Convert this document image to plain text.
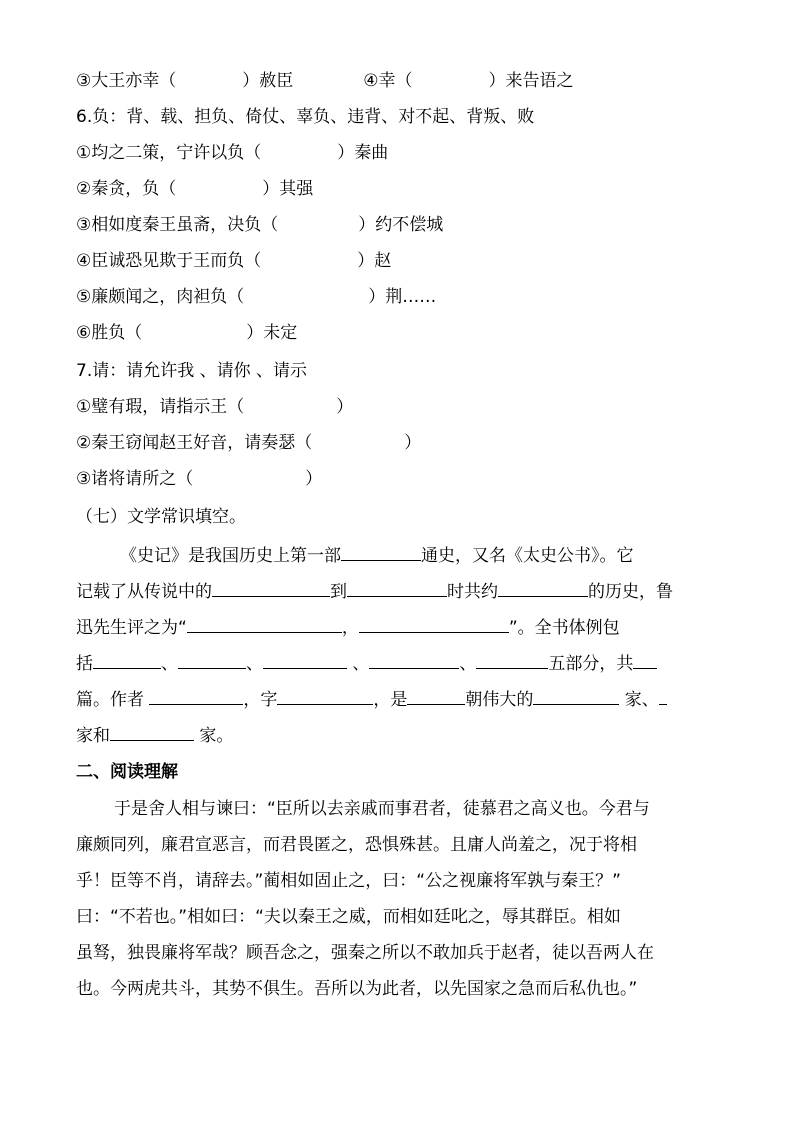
③大王亦幸（	）赦臣	④幸（	）来告语之
6.负：背、载、担负、倚仗、辜负、违背、对不起、背叛、败
①均之二策，宁许以负（	）秦曲
②秦贪，负（	）其强
③相如度秦王虽斋，决负（	）约不偿城
④臣诚恐见欺于王而负（	）赵
⑤廉颇闻之，肉袒负（	）荆……
⑥胜负（	）未定
7.请：请允许我 、请你 、请示
①璧有瑕，请指示王（	）
②秦王窃闻赵王好音，请奏瑟（	）
③诸将请所之（	）
（七）文学常识填空。
《史记》是我国历史上第一部	通史，又名《太史公书》。它
记载了从传说中的	到	时共约	的历史，鲁
迅先生评之为“	，	”。全书体例包
括	、	、	、	、	五部分，共
篇。作者	，字	，是	朝伟大的	家、
家和	家。
二、阅读理解
于是舍人相与谏曰：“臣所以去亲戚而事君者，徒慕君之高义也。今君与
廉颇同列，廉君宣恶言，而君畏匿之，恐惧殊甚。且庸人尚羞之，况于将相
乎！臣等不肖，请辞去。”蔺相如固止之，曰：“公之视廉将军孰与秦王？”
曰：“不若也。”相如曰：“夫以秦王之威，而相如廷叱之，辱其群臣。相如
虽驽，独畏廉将军哉？顾吾念之，强秦之所以不敢加兵于赵者，徒以吾两人在
也。今两虎共斗，其势不俱生。吾所以为此者，以先国家之急而后私仇也。”
